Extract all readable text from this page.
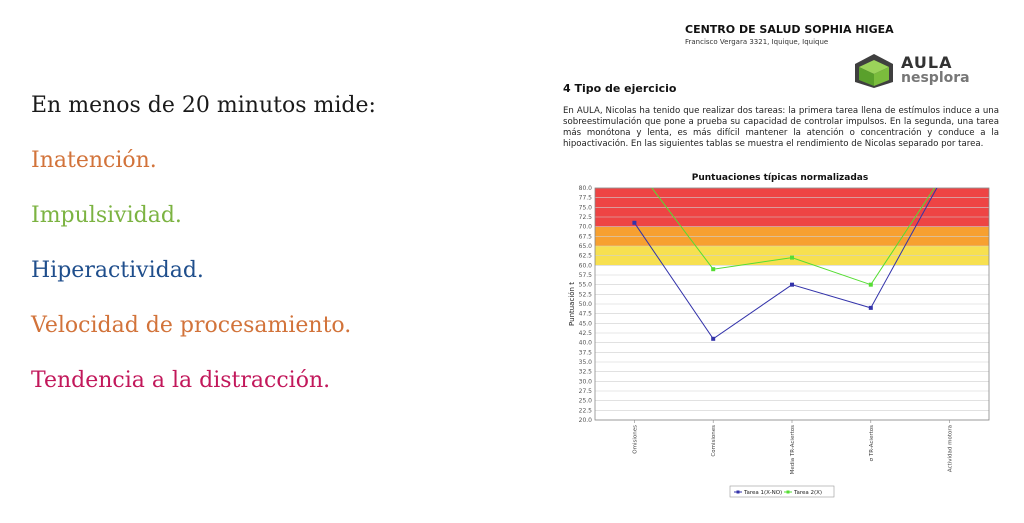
En menos de 20 minutos mide:
Inatención.
Impulsividad.
Hiperactividad.
Velocidad de procesamiento.
Tendencia a la distracción.
CENTRO DE SALUD SOPHIA HIGEA
Francisco Vergara 3321, Iquique, Iquique
AULA
nesplora
4 Tipo de ejercicio
En AULA, Nicolas ha tenido que realizar dos tareas: la primera tarea llena de estímulos induce a una sobreestimulación que pone a prueba su capacidad de controlar impulsos. En la segunda, una tarea más monótona y lenta, es más difícil mantener la atención o concentración y conduce a la hipoactivación. En las siguientes tablas se muestra el rendimiento de Nicolas separado por tarea.
Puntuaciones típicas normalizadas
20.0
22.5
25.0
27.5
30.0
32.5
35.0
37.5
40.0
42.5
45.0
47.5
50.0
52.5
55.0
57.5
60.0
62.5
65.0
67.5
70.0
72.5
75.0
77.5
80.0
Puntuación t
Omisiones	Comisiones	Media TR-Aciertos	σ TR-Aciertos	Actividad motora
Tarea 1(X-NO) Tarea 2(X)
